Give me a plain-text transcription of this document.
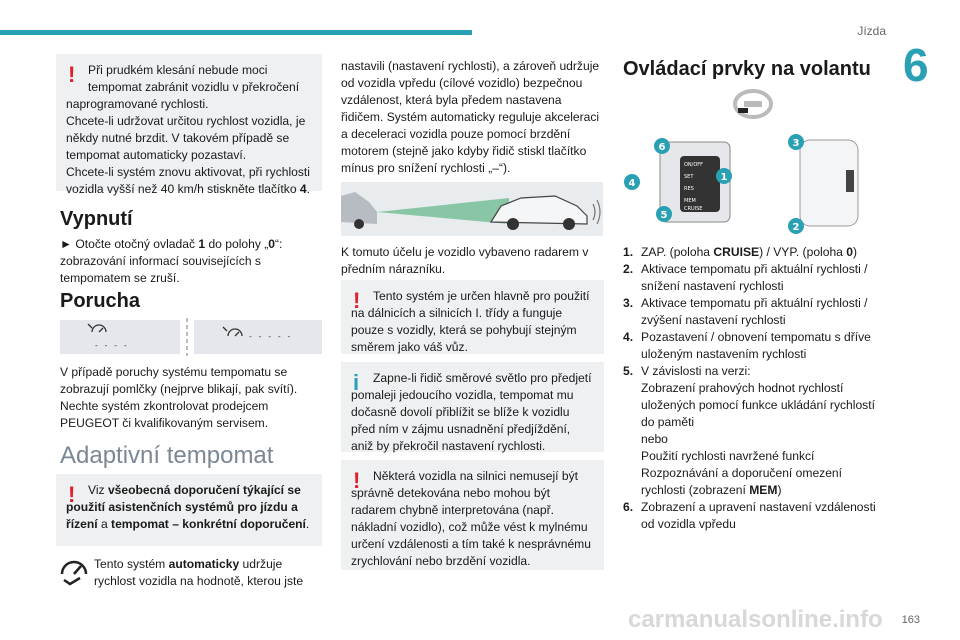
Jízda
6
163
carmanualsonline.info
!	Při prudkém klesání nebude moci
tempomat zabránit vozidlu v překročení
naprogramované rychlosti.

Chcete-li udržovat určitou rychlost vozidla, je někdy nutné brzdit. V takovém případě se tempomat automaticky pozastaví.

Chcete-li systém znovu aktivovat, při rychlosti vozidla vyšší než 40 km/h stiskněte tlačítko 4.

Vypnutí
► Otočte otočný ovladač 1 do polohy „0“: zobrazování informací souvisejících s tempomatem se zruší.
Porucha
- - - -
- - - - -
V případě poruchy systému tempomatu se zobrazují pomlčky (nejprve blikají, pak svítí). Nechte systém zkontrolovat prodejcem PEUGEOT či kvalifikovaným servisem.
Adaptivní tempomat
!	Viz všeobecná doporučení týkající se použití asistenčních systémů pro jízdu a řízení a tempomat – konkrétní doporučení.

Tento systém automaticky udržuje rychlost vozidla na hodnotě, kterou jste
nastavili (nastavení rychlosti), a zároveň udržuje od vozidla vpředu (cílové vozidlo) bezpečnou vzdálenost, která byla předem nastavena řidičem. Systém automaticky reguluje akceleraci a deceleraci vozidla pouze pomocí brzdění motorem (stejně jako kdyby řidič stiskl tlačítko mínus pro snížení rychlosti „–“).
K tomuto účelu je vozidlo vybaveno radarem v předním nárazníku.
!	Tento systém je určen hlavně pro použití na dálnicích a silnicích I. třídy a funguje pouze s vozidly, která se pohybují stejným směrem jako váš vůz.

i	Zapne-li řidič směrové světlo pro předjetí pomaleji jedoucího vozidla, tempomat mu dočasně dovolí přiblížit se blíže k vozidlu před ním v zájmu usnadnění předjíždění, aniž by překročil nastavení rychlosti.

!	Některá vozidla na silnici nemusejí být správně detekována nebo mohou být radarem chybně interpretována (např. nákladní vozidlo), což může vést k mylnému určení vzdálenosti a tím také k nesprávnému zrychlování nebo brzdění vozidla.

Ovládací prvky na volantu
ON/OFF
SET
RES
MEM
CRUISE
6
1
4
5
3
2
1. ZAP. (poloha CRUISE) / VYP. (poloha 0)
2. Aktivace tempomatu při aktuální rychlosti / snížení nastavení rychlosti
3. Aktivace tempomatu při aktuální rychlosti / zvýšení nastavení rychlosti
4. Pozastavení / obnovení tempomatu s dříve uloženým nastavením rychlosti
5. V závislosti na verzi:
Zobrazení prahových hodnot rychlostí uložených pomocí funkce ukládání rychlostí do paměti
nebo
Použití rychlosti navržené funkcí Rozpoznávání a doporučení omezení rychlosti (zobrazení MEM)
6. Zobrazení a upravení nastavení vzdálenosti od vozidla vpředu
